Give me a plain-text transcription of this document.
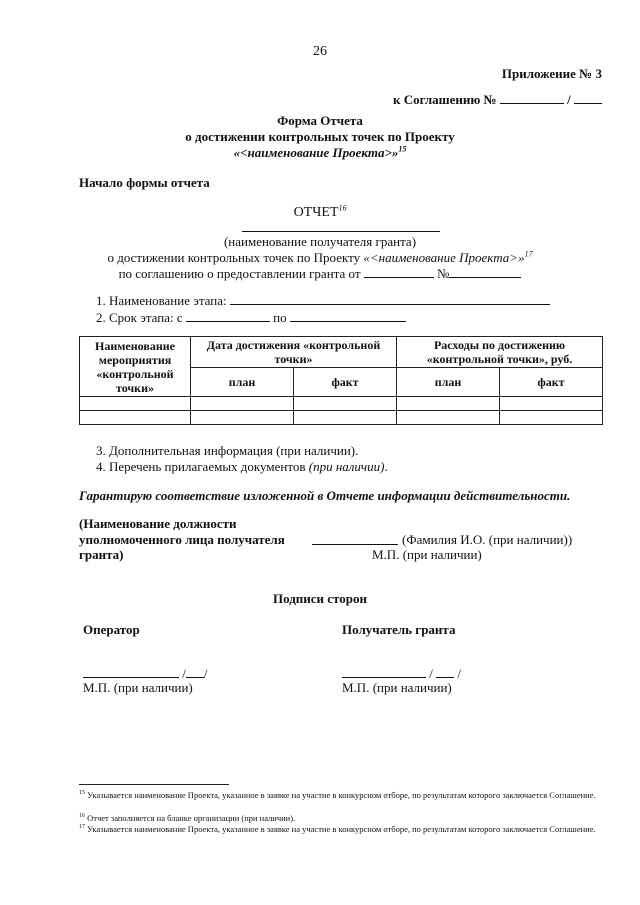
26
Приложение № 3
к Соглашению №	/
Форма Отчета
о достижении контрольных точек по Проекту
«<наименование Проекта>»$^{15}$
Начало формы отчета
ОТЧЕТ$^{16}$
(наименование получателя гранта)
о достижении контрольных точек по Проекту «<наименование Проекта>»$^{17}$
по соглашению о предоставлении гранта от	№
1. Наименование этапа:
2. Срок этапа: с	по
Наименование мероприятия «контрольной точки»	Дата достижения «контрольной точки»		Расходы по достижению «контрольной точки», руб.	
	план	факт	план	факт

3. Дополнительная информация (при наличии).
4. Перечень прилагаемых документов (при наличии).
Гарантирую соответствие изложенной в Отчете информации действительности.
(Наименование должности
уполномоченного лица получателя
гранта)
(Фамилия И.О. (при наличии))
М.П. (при наличии)
Подписи сторон
Оператор	Получатель гранта
/ /	/ /
М.П. (при наличии)	М.П. (при наличии)
$^{15}$ Указывается наименование Проекта, указанное в заявке на участие в конкурсном отборе, по результатам которого заключается Соглашение.
$^{16}$ Отчет заполняется на бланке организации (при наличии).
$^{17}$ Указывается наименование Проекта, указанное в заявке на участие в конкурсном отборе, по результатам которого заключается Соглашение.
